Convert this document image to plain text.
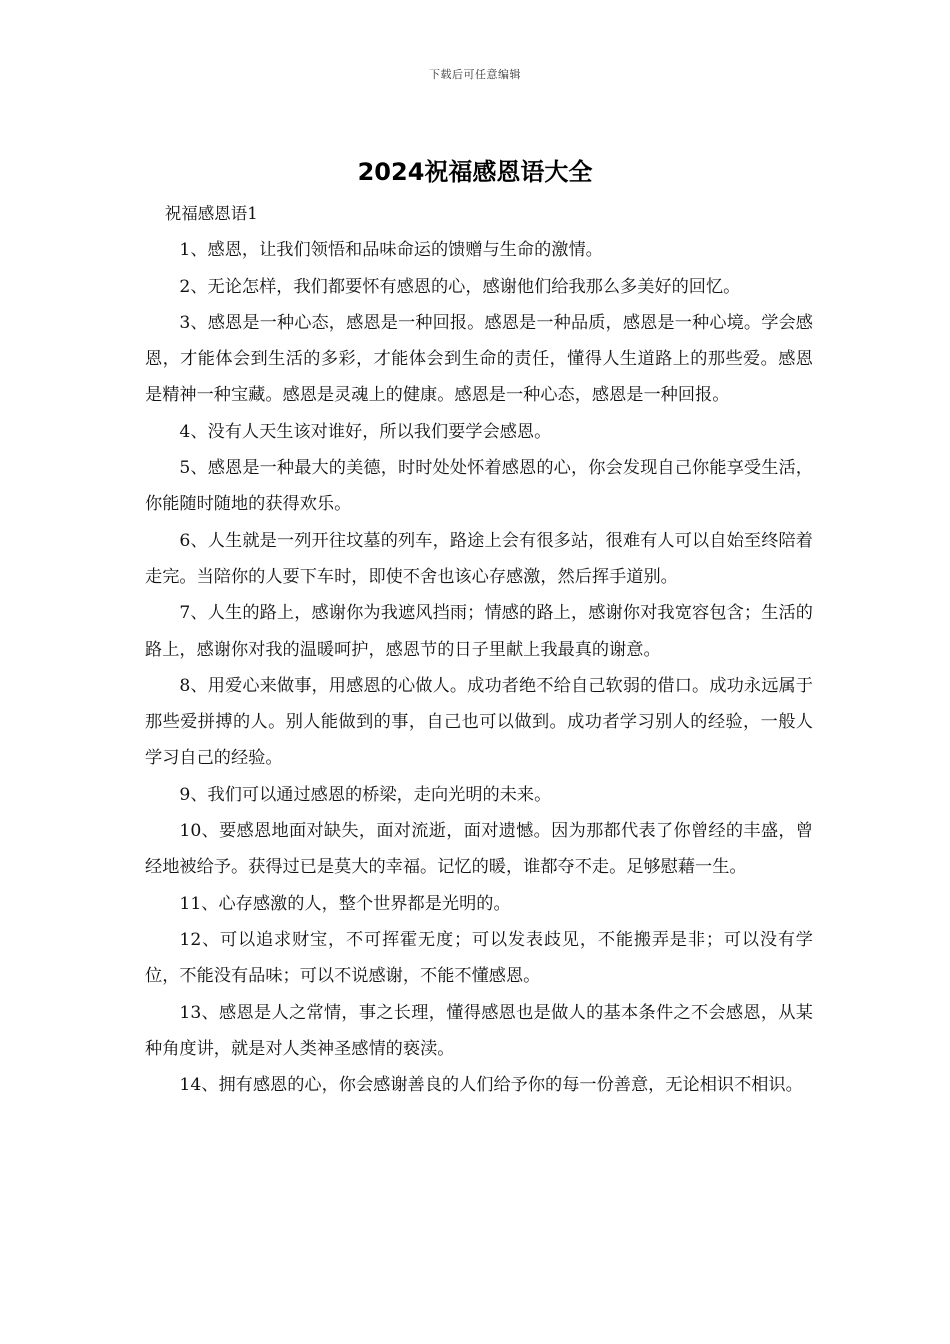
下载后可任意编辑
2024祝福感恩语大全

祝福感恩语1

1、感恩，让我们领悟和品味命运的馈赠与生命的激情。

2、无论怎样，我们都要怀有感恩的心，感谢他们给我那么多美好的回忆。

3、感恩是一种心态，感恩是一种回报。感恩是一种品质，感恩是一种心境。学会感恩，才能体会到生活的多彩，才能体会到生命的责任，懂得人生道路上的那些爱。感恩是精神一种宝藏。感恩是灵魂上的健康。感恩是一种心态，感恩是一种回报。

4、没有人天生该对谁好，所以我们要学会感恩。

5、感恩是一种最大的美德，时时处处怀着感恩的心，你会发现自己你能享受生活，你能随时随地的获得欢乐。

6、人生就是一列开往坟墓的列车，路途上会有很多站，很难有人可以自始至终陪着走完。当陪你的人要下车时，即使不舍也该心存感激，然后挥手道别。

7、人生的路上，感谢你为我遮风挡雨；情感的路上，感谢你对我宽容包含；生活的路上，感谢你对我的温暖呵护，感恩节的日子里献上我最真的谢意。

8、用爱心来做事，用感恩的心做人。成功者绝不给自己软弱的借口。成功永远属于那些爱拼搏的人。别人能做到的事，自己也可以做到。成功者学习别人的经验，一般人学习自己的经验。

9、我们可以通过感恩的桥梁，走向光明的未来。

10、要感恩地面对缺失，面对流逝，面对遗憾。因为那都代表了你曾经的丰盛，曾经地被给予。获得过已是莫大的幸福。记忆的暖，谁都夺不走。足够慰藉一生。

11、心存感激的人，整个世界都是光明的。

12、可以追求财宝，不可挥霍无度；可以发表歧见，不能搬弄是非；可以没有学位，不能没有品味；可以不说感谢，不能不懂感恩。

13、感恩是人之常情，事之长理，懂得感恩也是做人的基本条件之不会感恩，从某种角度讲，就是对人类神圣感情的亵渎。

14、拥有感恩的心，你会感谢善良的人们给予你的每一份善意，无论相识不相识。
